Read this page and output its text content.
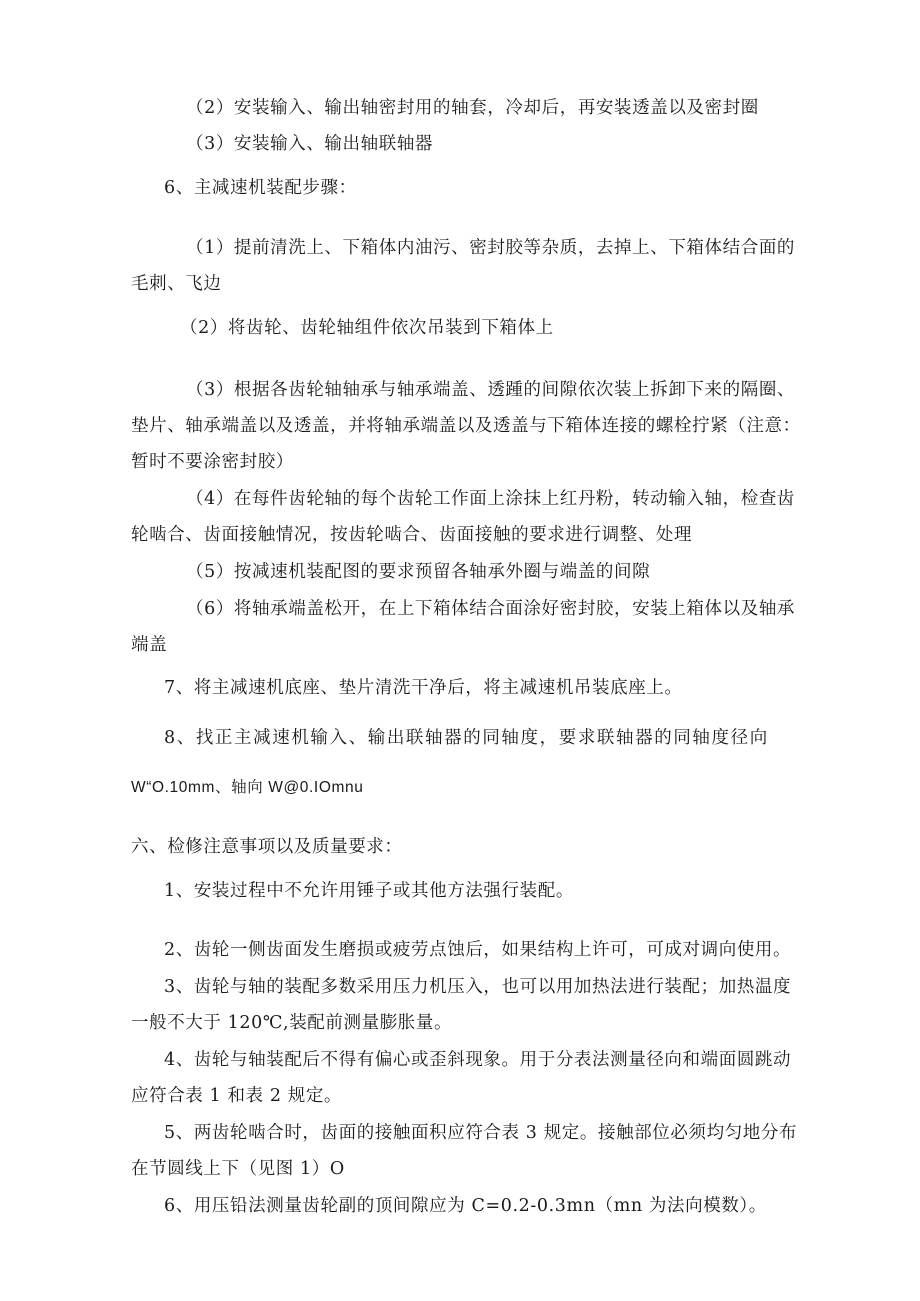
（2）安装输入、输出轴密封用的轴套，冷却后，再安装透盖以及密封圈
（3）安装输入、输出轴联轴器
6、主减速机装配步骤：
（1）提前清洗上、下箱体内油污、密封胶等杂质，去掉上、下箱体结合面的
毛刺、飞边
（2）将齿轮、齿轮轴组件依次吊装到下箱体上
（3）根据各齿轮轴轴承与轴承端盖、透踵的间隙依次装上拆卸下来的隔圈、
垫片、轴承端盖以及透盖，并将轴承端盖以及透盖与下箱体连接的螺栓拧紧（注意：
暂时不要涂密封胶）
（4）在每件齿轮轴的每个齿轮工作面上涂抹上红丹粉，转动输入轴，检查齿
轮啮合、齿面接触情况，按齿轮啮合、齿面接触的要求进行调整、处理
（5）按减速机装配图的要求预留各轴承外圈与端盖的间隙
（6）将轴承端盖松开，在上下箱体结合面涂好密封胶，安装上箱体以及轴承
端盖
7、将主减速机底座、垫片清洗干净后，将主减速机吊装底座上。
8、找正主减速机输入、输出联轴器的同轴度，要求联轴器的同轴度径向
W“O.10mm、轴向 W@0.IOmnu
六、检修注意事项以及质量要求：
1、安装过程中不允许用锤子或其他方法强行装配。
2、齿轮一侧齿面发生磨损或疲劳点蚀后，如果结构上许可，可成对调向使用。
3、齿轮与轴的装配多数采用压力机压入，也可以用加热法进行装配；加热温度
一般不大于 120℃,装配前测量膨胀量。
4、齿轮与轴装配后不得有偏心或歪斜现象。用于分表法测量径向和端面圆跳动
应符合表 1 和表 2 规定。
5、两齿轮啮合时，齿面的接触面积应符合表 3 规定。接触部位必须均匀地分布
在节圆线上下（见图 1）O
6、用压铅法测量齿轮副的顶间隙应为 C=0.2-0.3mn（mn 为法向模数）。
